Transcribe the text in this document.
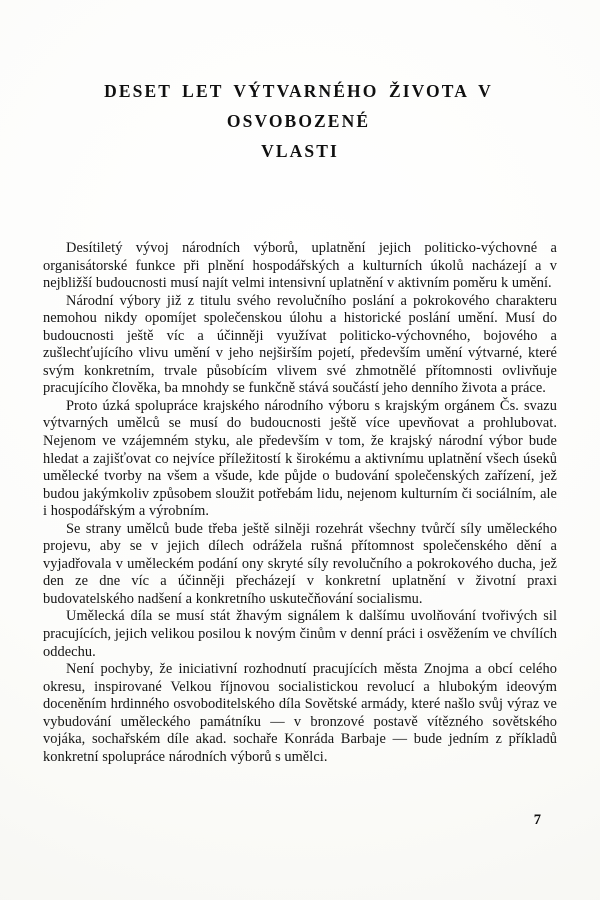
DESET LET VÝTVARNÉHO ŽIVOTA V OSVOBOZENÉ
VLASTI

Desítiletý vývoj národních výborů, uplatnění jejich politicko-výchovné a organisátorské funkce při plnění hospodářských a kulturních úkolů nacházejí a v nejbližší budoucnosti musí najít velmi intensivní uplatnění v aktivním poměru k umění.

Národní výbory již z titulu svého revolučního poslání a pokrokového charakteru nemohou nikdy opomíjet společenskou úlohu a historické poslání umění. Musí do budoucnosti ještě víc a účinněji využívat politicko-výchovného, bojového a zušlechťujícího vlivu umění v jeho nejširším pojetí, především umění výtvarné, které svým konkretním, trvale působícím vlivem své zhmotnělé přítomnosti ovlivňuje pracujícího člověka, ba mnohdy se funkčně stává součástí jeho denního života a práce.

Proto úzká spolupráce krajského národního výboru s krajským orgánem Čs. svazu výtvarných umělců se musí do budoucnosti ještě více upevňovat a prohlubovat. Nejenom ve vzájemném styku, ale především v tom, že krajský národní výbor bude hledat a zajišťovat co nejvíce příležitostí k širokému a aktivnímu uplatnění všech úseků umělecké tvorby na všem a všude, kde půjde o budování společenských zařízení, jež budou jakýmkoliv způsobem sloužit potřebám lidu, nejenom kulturním či sociálním, ale i hospodářským a výrobním.

Se strany umělců bude třeba ještě silněji rozehrát všechny tvůrčí síly uměleckého projevu, aby se v jejich dílech odrážela rušná přítomnost společenského dění a vyjadřovala v uměleckém podání ony skryté síly revolučního a pokrokového ducha, jež den ze dne víc a účinněji přecházejí v konkretní uplatnění v životní praxi budovatelského nadšení a konkretního uskutečňování socialismu.

Umělecká díla se musí stát žhavým signálem k dalšímu uvolňování tvořivých sil pracujících, jejich velikou posilou k novým činům v denní práci i osvěžením ve chvílích oddechu.

Není pochyby, že iniciativní rozhodnutí pracujících města Znojma a obcí celého okresu, inspirované Velkou říjnovou socialistickou revolucí a hlubokým ideovým doceněním hrdinného osvoboditelského díla Sovětské armády, které našlo svůj výraz ve vybudování uměleckého památníku — v bronzové postavě vítězného sovětského vojáka, sochařském díle akad. sochaře Konráda Barbaje — bude jedním z příkladů konkretní spolupráce národních výborů s umělci.

7
